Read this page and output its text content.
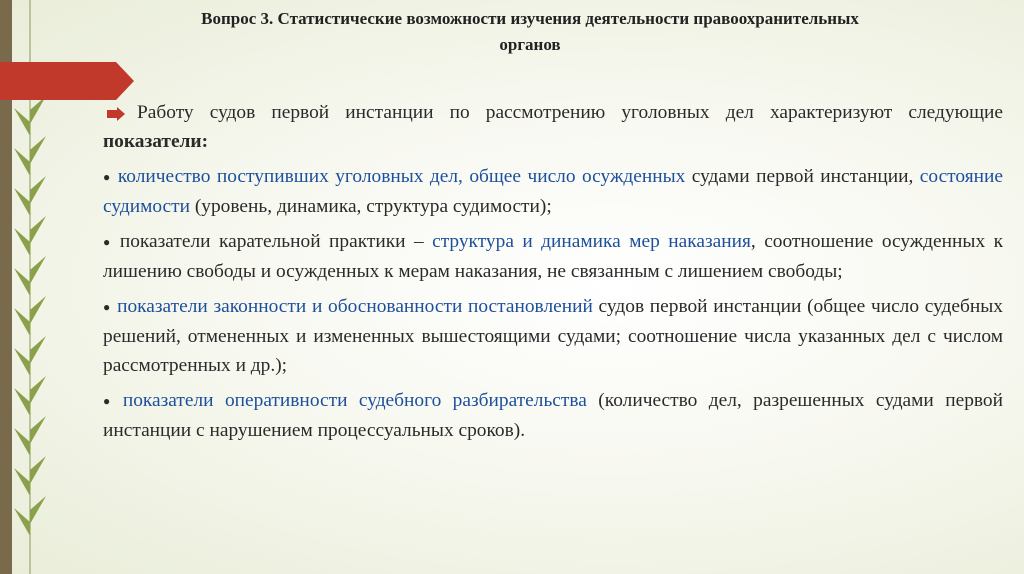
Вопрос 3. Статистические возможности изучения деятельности правоохранительных органов

Работу судов первой инстанции по рассмотрению уголовных дел характеризуют следующие показатели:

● количество поступивших уголовных дел, общее число осужденных судами первой инстанции, состояние судимости (уровень, динамика, структура судимости);

● показатели карательной практики – структура и динамика мер наказания, соотношение осужденных к лишению свободы и осужденных к мерам наказания, не связанным с лишением свободы;

● показатели законности и обоснованности постановлений судов первой инстанции (общее число судебных решений, отмененных и измененных вышестоящими судами; соотношение числа указанных дел с числом рассмотренных и др.);

● показатели оперативности судебного разбирательства (количество дел, разрешенных судами первой инстанции с нарушением процессуальных сроков).
